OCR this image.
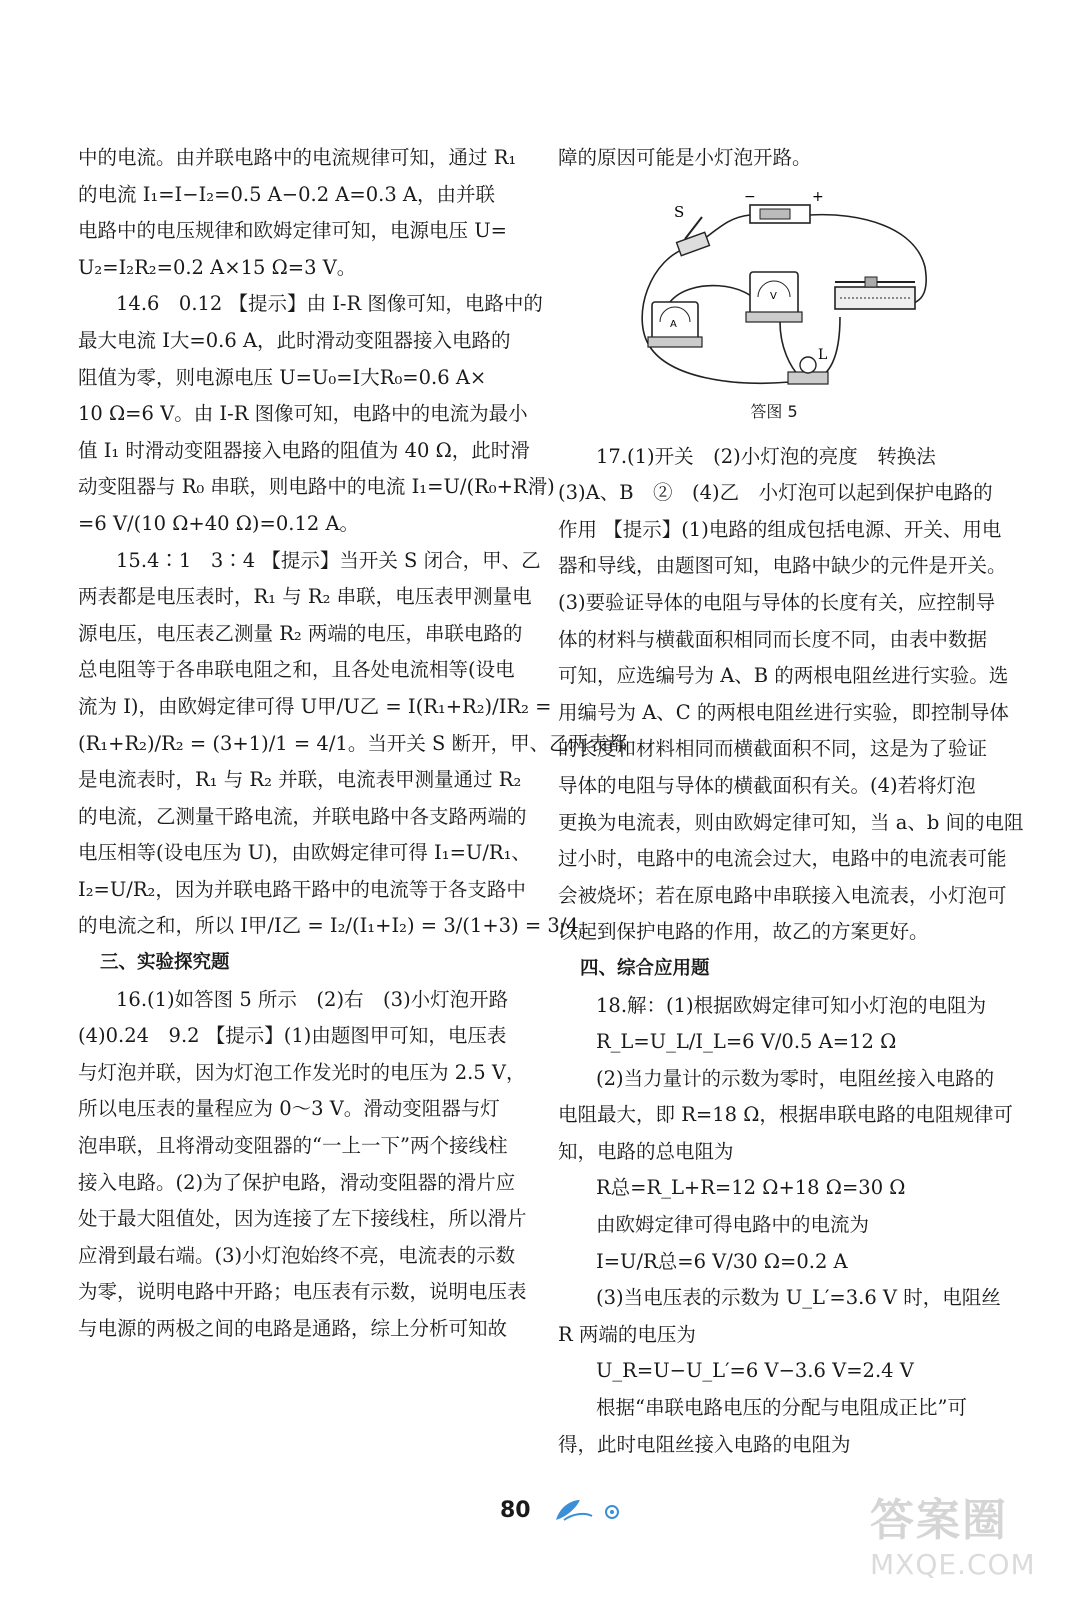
中的电流。由并联电路中的电流规律可知，通过 R₁
的电流 I₁=I−I₂=0.5 A−0.2 A=0.3 A，由并联
电路中的电压规律和欧姆定律可知，电源电压 U=
U₂=I₂R₂=0.2 A×15 Ω=3 V。
14.6　0.12 【提示】由 I-R 图像可知，电路中的
最大电流 I大=0.6 A，此时滑动变阻器接入电路的
阻值为零，则电源电压 U=U₀=I大R₀=0.6 A×
10 Ω=6 V。由 I-R 图像可知，电路中的电流为最小
值 I₁ 时滑动变阻器接入电路的阻值为 40 Ω，此时滑
动变阻器与 R₀ 串联，则电路中的电流 I₁=U/(R₀+R滑)
=6 V/(10 Ω+40 Ω)=0.12 A。
15.4∶1　3∶4 【提示】当开关 S 闭合，甲、乙
两表都是电压表时，R₁ 与 R₂ 串联，电压表甲测量电
源电压，电压表乙测量 R₂ 两端的电压，串联电路的
总电阻等于各串联电阻之和，且各处电流相等(设电
流为 I)，由欧姆定律可得 U甲/U乙 = I(R₁+R₂)/IR₂ =
(R₁+R₂)/R₂ = (3+1)/1 = 4/1。当开关 S 断开，甲、乙两表都
是电流表时，R₁ 与 R₂ 并联，电流表甲测量通过 R₂
的电流，乙测量干路电流，并联电路中各支路两端的
电压相等(设电压为 U)，由欧姆定律可得 I₁=U/R₁、
I₂=U/R₂，因为并联电路干路中的电流等于各支路中
的电流之和，所以 I甲/I乙 = I₂/(I₁+I₂) = 3/(1+3) = 3/4。
三、实验探究题
16.(1)如答图 5 所示　(2)右　(3)小灯泡开路
(4)0.24　9.2 【提示】(1)由题图甲可知，电压表
与灯泡并联，因为灯泡工作发光时的电压为 2.5 V，
所以电压表的量程应为 0～3 V。滑动变阻器与灯
泡串联，且将滑动变阻器的“一上一下”两个接线柱
接入电路。(2)为了保护电路，滑动变阻器的滑片应
处于最大阻值处，因为连接了左下接线柱，所以滑片
应滑到最右端。(3)小灯泡始终不亮，电流表的示数
为零，说明电路中开路；电压表有示数，说明电压表
与电源的两极之间的电路是通路，综上分析可知故
障的原因可能是小灯泡开路。
−	+
S
A
V
L
答图 5
17.(1)开关　(2)小灯泡的亮度　转换法
(3)A、B　②　(4)乙　小灯泡可以起到保护电路的
作用 【提示】(1)电路的组成包括电源、开关、用电
器和导线，由题图可知，电路中缺少的元件是开关。
(3)要验证导体的电阻与导体的长度有关，应控制导
体的材料与横截面积相同而长度不同，由表中数据
可知，应选编号为 A、B 的两根电阻丝进行实验。选
用编号为 A、C 的两根电阻丝进行实验，即控制导体
的长度和材料相同而横截面积不同，这是为了验证
导体的电阻与导体的横截面积有关。(4)若将灯泡
更换为电流表，则由欧姆定律可知，当 a、b 间的电阻
过小时，电路中的电流会过大，电路中的电流表可能
会被烧坏；若在原电路中串联接入电流表，小灯泡可
以起到保护电路的作用，故乙的方案更好。
四、综合应用题
18.解：(1)根据欧姆定律可知小灯泡的电阻为
R_L=U_L/I_L=6 V/0.5 A=12 Ω
(2)当力量计的示数为零时，电阻丝接入电路的
电阻最大，即 R=18 Ω，根据串联电路的电阻规律可
知，电路的总电阻为
R总=R_L+R=12 Ω+18 Ω=30 Ω
由欧姆定律可得电路中的电流为
I=U/R总=6 V/30 Ω=0.2 A
(3)当电压表的示数为 U_L′=3.6 V 时，电阻丝
R 两端的电压为
U_R=U−U_L′=6 V−3.6 V=2.4 V
根据“串联电路电压的分配与电阻成正比”可
得，此时电阻丝接入电路的电阻为
80	答案圈
MXQE.COM
